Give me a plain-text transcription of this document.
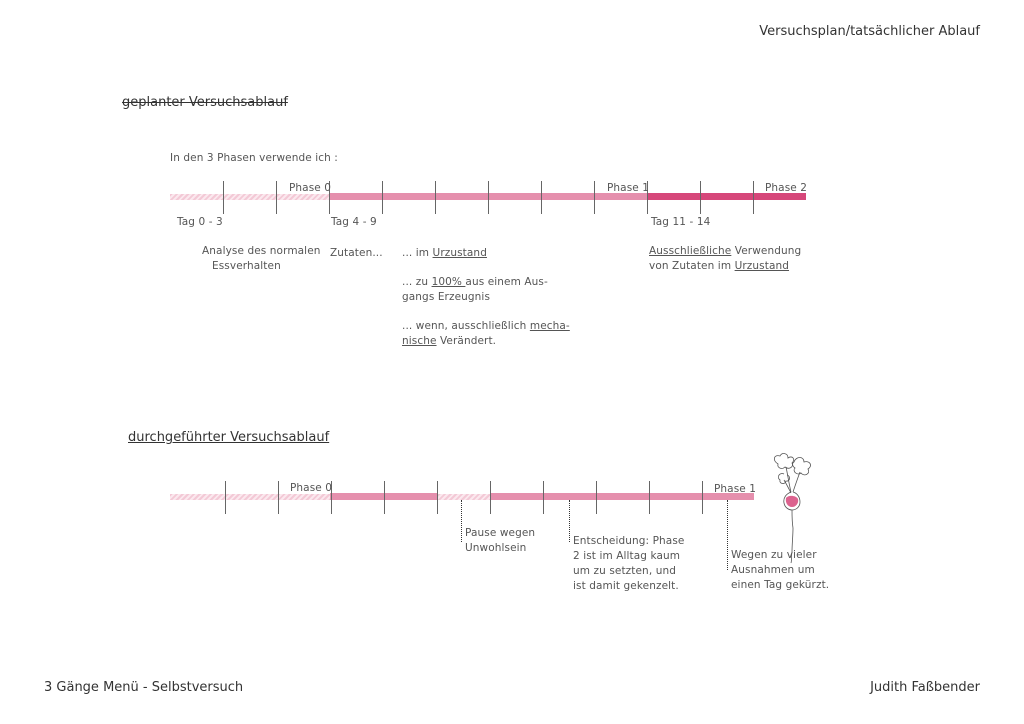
Versuchsplan/tatsächlicher Ablauf
3 Gänge Menü - Selbstversuch	Judith Faßbender
geplanter Versuchsablauf
In den 3 Phasen verwende ich :
Phase 0	Phase 1	Phase 2
Tag 0 - 3	Tag 4 - 9	Tag 11 - 14
Analyse des normalen
Essverhalten
Zutaten... ... im Urzustand
... zu 100% aus einem Aus-
gangs Erzeugnis
... wenn, ausschließlich mecha-
nische Verändert.
Ausschließliche Verwendung
von Zutaten im Urzustand
durchgeführter Versuchsablauf
Phase 0	Phase 1
Pause wegen
Unwohlsein
Entscheidung: Phase
2 ist im Alltag kaum
um zu setzten, und
ist damit gekenzelt.
Wegen zu vieler
Ausnahmen um
einen Tag gekürzt.
